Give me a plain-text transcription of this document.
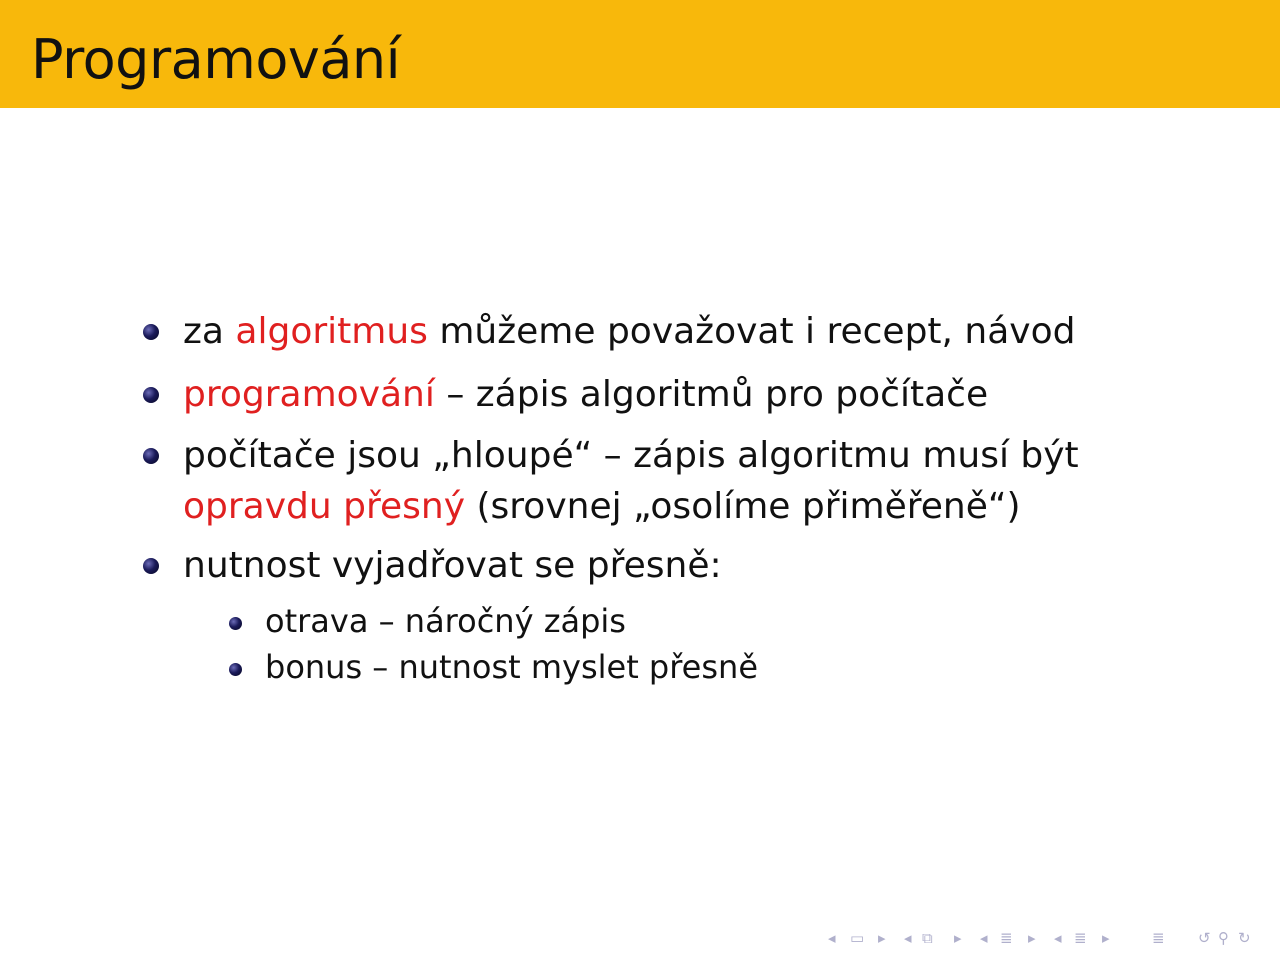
Programování
za algoritmus můžeme považovat i recept, návod
programování – zápis algoritmů pro počítače
počítače jsou „hloupé“ – zápis algoritmu musí být
opravdu přesný (srovnej „osolíme přiměřeně“)
nutnost vyjadřovat se přesně:
otrava – náročný zápis
bonus – nutnost myslet přesně
◂ ▭ ▸ ◂ ⧉ ▸ ◂ ≣ ▸ ◂ ≣ ▸	≣ ↺ ⚲ ↻
